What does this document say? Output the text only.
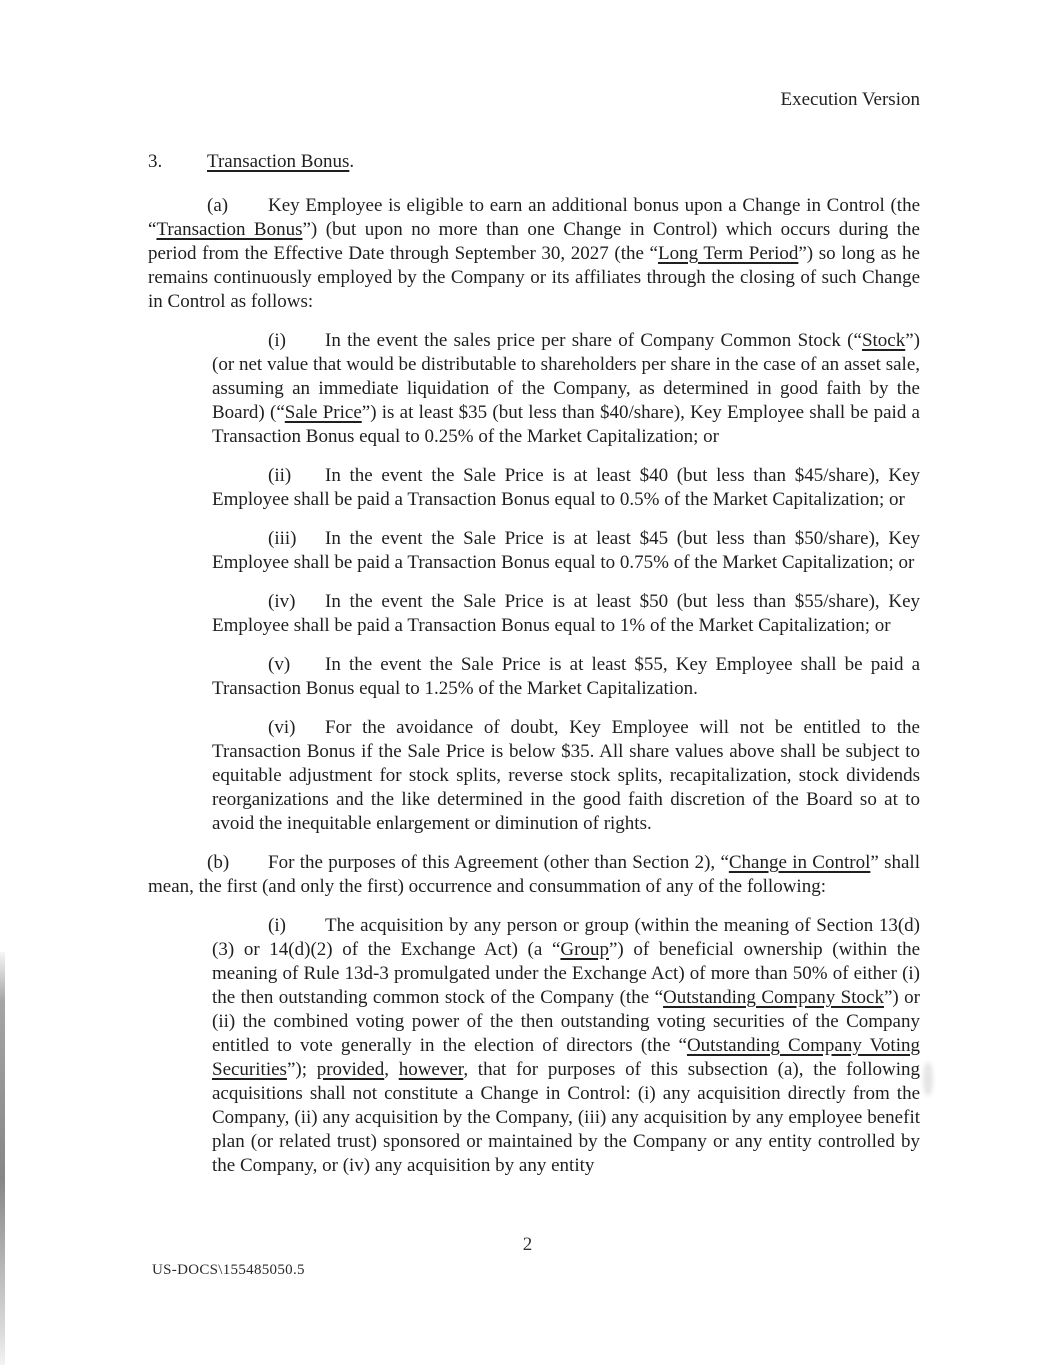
Execution Version
3. Transaction Bonus.

(a) Key Employee is eligible to earn an additional bonus upon a Change in Control (the “Transaction Bonus”) (but upon no more than one Change in Control) which occurs during the period from the Effective Date through September 30, 2027 (the “Long Term Period”) so long as he remains continuously employed by the Company or its affiliates through the closing of such Change in Control as follows:

(i) In the event the sales price per share of Company Common Stock (“Stock”) (or net value that would be distributable to shareholders per share in the case of an asset sale, assuming an immediate liquidation of the Company, as determined in good faith by the Board) (“Sale Price”) is at least $35 (but less than $40/share), Key Employee shall be paid a Transaction Bonus equal to 0.25% of the Market Capitalization; or

(ii) In the event the Sale Price is at least $40 (but less than $45/share), Key Employee shall be paid a Transaction Bonus equal to 0.5% of the Market Capitalization; or

(iii) In the event the Sale Price is at least $45 (but less than $50/share), Key Employee shall be paid a Transaction Bonus equal to 0.75% of the Market Capitalization; or

(iv) In the event the Sale Price is at least $50 (but less than $55/share), Key Employee shall be paid a Transaction Bonus equal to 1% of the Market Capitalization; or

(v) In the event the Sale Price is at least $55, Key Employee shall be paid a Transaction Bonus equal to 1.25% of the Market Capitalization.

(vi) For the avoidance of doubt, Key Employee will not be entitled to the Transaction Bonus if the Sale Price is below $35. All share values above shall be subject to equitable adjustment for stock splits, reverse stock splits, recapitalization, stock dividends reorganizations and the like determined in the good faith discretion of the Board so at to avoid the inequitable enlargement or diminution of rights.

(b) For the purposes of this Agreement (other than Section 2), “Change in Control” shall mean, the first (and only the first) occurrence and consummation of any of the following:

(i) The acquisition by any person or group (within the meaning of Section 13(d)(3) or 14(d)(2) of the Exchange Act) (a “Group”) of beneficial ownership (within the meaning of Rule 13d-3 promulgated under the Exchange Act) of more than 50% of either (i) the then outstanding common stock of the Company (the “Outstanding Company Stock”) or (ii) the combined voting power of the then outstanding voting securities of the Company entitled to vote generally in the election of directors (the “Outstanding Company Voting Securities”); provided, however, that for purposes of this subsection (a), the following acquisitions shall not constitute a Change in Control: (i) any acquisition directly from the Company, (ii) any acquisition by the Company, (iii) any acquisition by any employee benefit plan (or related trust) sponsored or maintained by the Company or any entity controlled by the Company, or (iv) any acquisition by any entity

2
US-DOCS\155485050.5
